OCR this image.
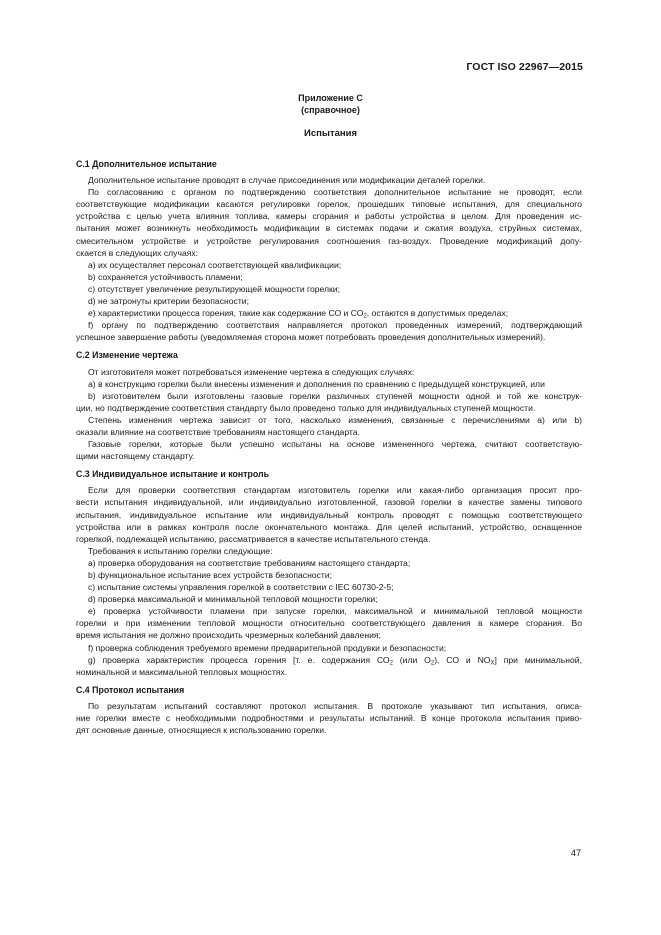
ГОСТ ISO 22967—2015
Приложение С
(справочное)
Испытания
С.1 Дополнительное испытание
Дополнительное испытание проводят в случае присоединения или модификации деталей горелки.
По согласованию с органом по подтверждению соответствия дополнительное испытание не проводят, если
соответствующие модификации касаются регулировки горелок, прошедших типовые испытания, для специального
устройства с целью учета влияния топлива, камеры сгорания и работы устройства в целом. Для проведения ис-
пытания может возникнуть необходимость модификации в системах подачи и сжатия воздуха, струйных системах,
смесительном устройстве и устройстве регулирования соотношения газ-воздух. Проведение модификаций допу-
скается в следующих случаях:
а) их осуществляет персонал соответствующей квалификации;
b) сохраняется устойчивость пламени;
с) отсутствует увеличение результирующей мощности горелки;
d) не затронуты критерии безопасности;
e) характеристики процесса горения, такие как содержание СО и $СО_2$, остаются в допустимых пределах;
f) органу по подтверждению соответствия направляется протокол проведенных измерений, подтверждающий
успешное завершение работы (уведомляемая сторона может потребовать проведения дополнительных измерений).
С.2 Изменение чертежа
От изготовителя может потребоваться изменение чертежа в следующих случаях:
а) в конструкцию горелки были внесены изменения и дополнения по сравнению с предыдущей конструкцией, или
b) изготовителем были изготовлены газовые горелки различных ступеней мощности одной и той же конструк-
ции, но подтверждение соответствия стандарту было проведено только для индивидуальных ступеней мощности.
Степень изменения чертежа зависит от того, насколько изменения, связанные с перечислениями а) или b)
оказали влияние на соответствие требованиям настоящего стандарта.
Газовые горелки, которые были успешно испытаны на основе измененного чертежа, считают соответствую-
щими настоящему стандарту.
С.3 Индивидуальное испытание и контроль
Если для проверки соответствия стандартам изготовитель горелки или какая-либо организация просит про-
вести испытания индивидуальной, или индивидуально изготовленной, газовой горелки в качестве замены типового
испытания, индивидуальное испытание или индивидуальный контроль проводят с помощью соответствующего
устройства или в рамках контроля после окончательного монтажа. Для целей испытаний, устройство, оснащенное
горелкой, подлежащей испытанию, рассматривается в качестве испытательного стенда.
Требования к испытанию горелки следующие:
а) проверка оборудования на соответствие требованиям настоящего стандарта;
b) функциональное испытание всех устройств безопасности;
с) испытание системы управления горелкой в соответствии с IEC 60730-2-5;
d) проверка максимальной и минимальной тепловой мощности горелки;
е) проверка устойчивости пламени при запуске горелки, максимальной и минимальной тепловой мощности
горелки и при изменении тепловой мощности относительно соответствующего давления в камере сгорания. Во
время испытания не должно происходить чрезмерных колебаний давления;
f) проверка соблюдения требуемого времени предварительной продувки и безопасности;
g) проверка характеристик процесса горения [т. е. содержания $СО_2$ (или $О_2$), СО и $NO_X$] при минимальной,
номинальной и максимальной тепловых мощностях.
С.4 Протокол испытания
По результатам испытаний составляют протокол испытания. В протоколе указывают тип испытания, описа-
ние горелки вместе с необходимыми подробностями и результаты испытаний. В конце протокола испытания приво-
дят основные данные, относящиеся к использованию горелки.
47
